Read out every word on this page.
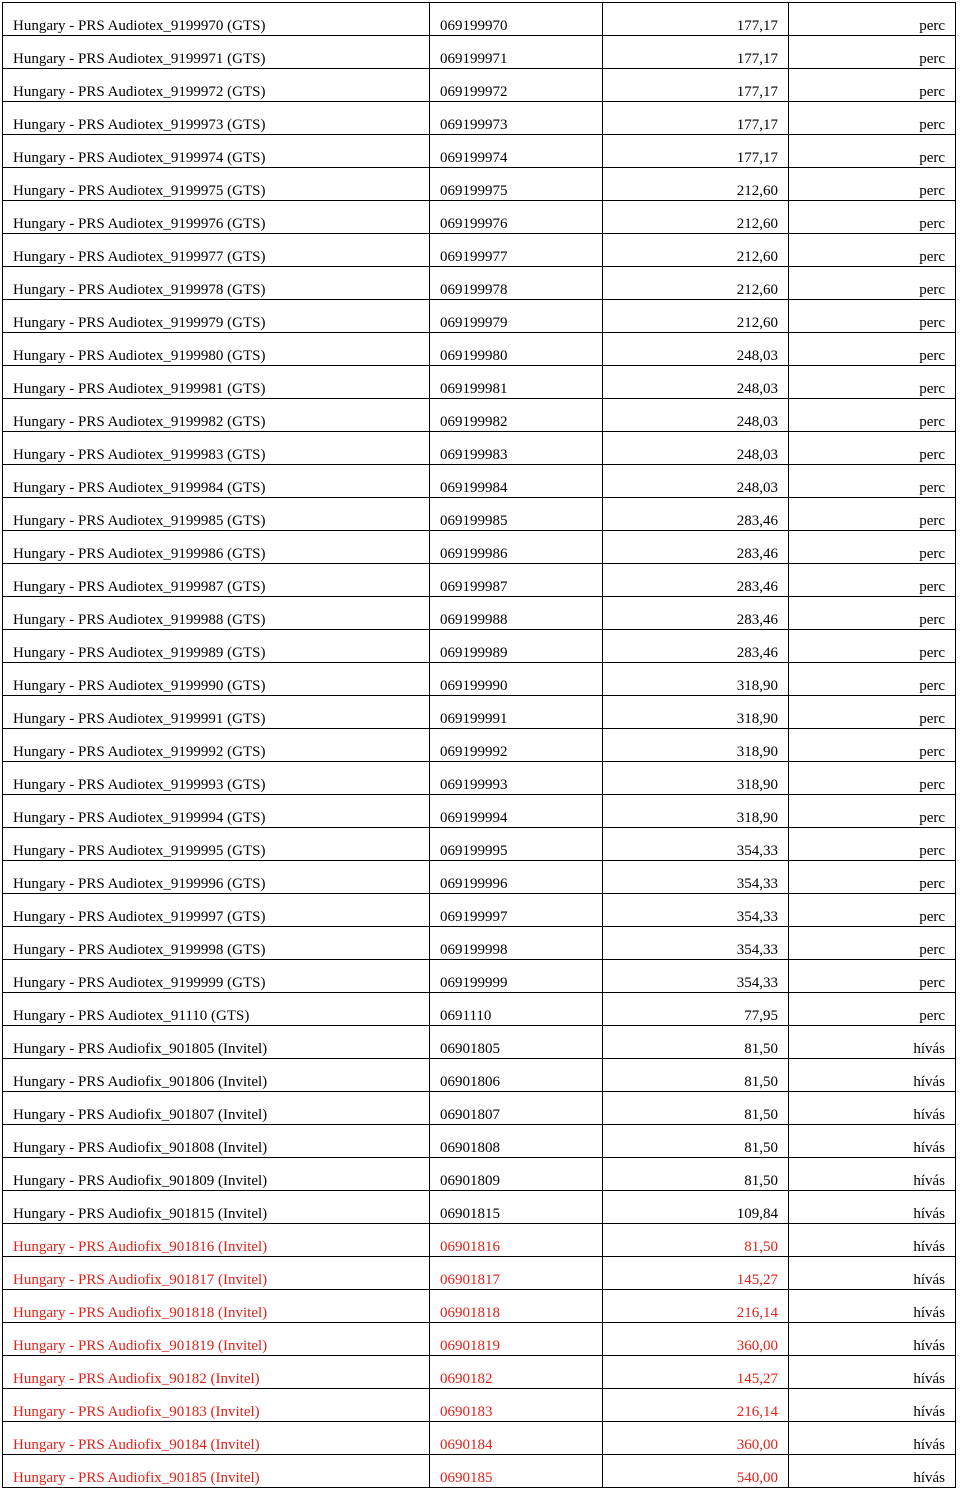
Hungary - PRS Audiotex_9199970 (GTS)	069199970	177,17	perc
Hungary - PRS Audiotex_9199971 (GTS)	069199971	177,17	perc
Hungary - PRS Audiotex_9199972 (GTS)	069199972	177,17	perc
Hungary - PRS Audiotex_9199973 (GTS)	069199973	177,17	perc
Hungary - PRS Audiotex_9199974 (GTS)	069199974	177,17	perc
Hungary - PRS Audiotex_9199975 (GTS)	069199975	212,60	perc
Hungary - PRS Audiotex_9199976 (GTS)	069199976	212,60	perc
Hungary - PRS Audiotex_9199977 (GTS)	069199977	212,60	perc
Hungary - PRS Audiotex_9199978 (GTS)	069199978	212,60	perc
Hungary - PRS Audiotex_9199979 (GTS)	069199979	212,60	perc
Hungary - PRS Audiotex_9199980 (GTS)	069199980	248,03	perc
Hungary - PRS Audiotex_9199981 (GTS)	069199981	248,03	perc
Hungary - PRS Audiotex_9199982 (GTS)	069199982	248,03	perc
Hungary - PRS Audiotex_9199983 (GTS)	069199983	248,03	perc
Hungary - PRS Audiotex_9199984 (GTS)	069199984	248,03	perc
Hungary - PRS Audiotex_9199985 (GTS)	069199985	283,46	perc
Hungary - PRS Audiotex_9199986 (GTS)	069199986	283,46	perc
Hungary - PRS Audiotex_9199987 (GTS)	069199987	283,46	perc
Hungary - PRS Audiotex_9199988 (GTS)	069199988	283,46	perc
Hungary - PRS Audiotex_9199989 (GTS)	069199989	283,46	perc
Hungary - PRS Audiotex_9199990 (GTS)	069199990	318,90	perc
Hungary - PRS Audiotex_9199991 (GTS)	069199991	318,90	perc
Hungary - PRS Audiotex_9199992 (GTS)	069199992	318,90	perc
Hungary - PRS Audiotex_9199993 (GTS)	069199993	318,90	perc
Hungary - PRS Audiotex_9199994 (GTS)	069199994	318,90	perc
Hungary - PRS Audiotex_9199995 (GTS)	069199995	354,33	perc
Hungary - PRS Audiotex_9199996 (GTS)	069199996	354,33	perc
Hungary - PRS Audiotex_9199997 (GTS)	069199997	354,33	perc
Hungary - PRS Audiotex_9199998 (GTS)	069199998	354,33	perc
Hungary - PRS Audiotex_9199999 (GTS)	069199999	354,33	perc
Hungary - PRS Audiotex_91110 (GTS)	0691110	77,95	perc
Hungary - PRS Audiofix_901805 (Invitel)	06901805	81,50	hívás
Hungary - PRS Audiofix_901806 (Invitel)	06901806	81,50	hívás
Hungary - PRS Audiofix_901807 (Invitel)	06901807	81,50	hívás
Hungary - PRS Audiofix_901808 (Invitel)	06901808	81,50	hívás
Hungary - PRS Audiofix_901809 (Invitel)	06901809	81,50	hívás
Hungary - PRS Audiofix_901815 (Invitel)	06901815	109,84	hívás
Hungary - PRS Audiofix_901816 (Invitel)	06901816	81,50	hívás
Hungary - PRS Audiofix_901817 (Invitel)	06901817	145,27	hívás
Hungary - PRS Audiofix_901818 (Invitel)	06901818	216,14	hívás
Hungary - PRS Audiofix_901819 (Invitel)	06901819	360,00	hívás
Hungary - PRS Audiofix_90182 (Invitel)	0690182	145,27	hívás
Hungary - PRS Audiofix_90183 (Invitel)	0690183	216,14	hívás
Hungary - PRS Audiofix_90184 (Invitel)	0690184	360,00	hívás
Hungary - PRS Audiofix_90185 (Invitel)	0690185	540,00	hívás
